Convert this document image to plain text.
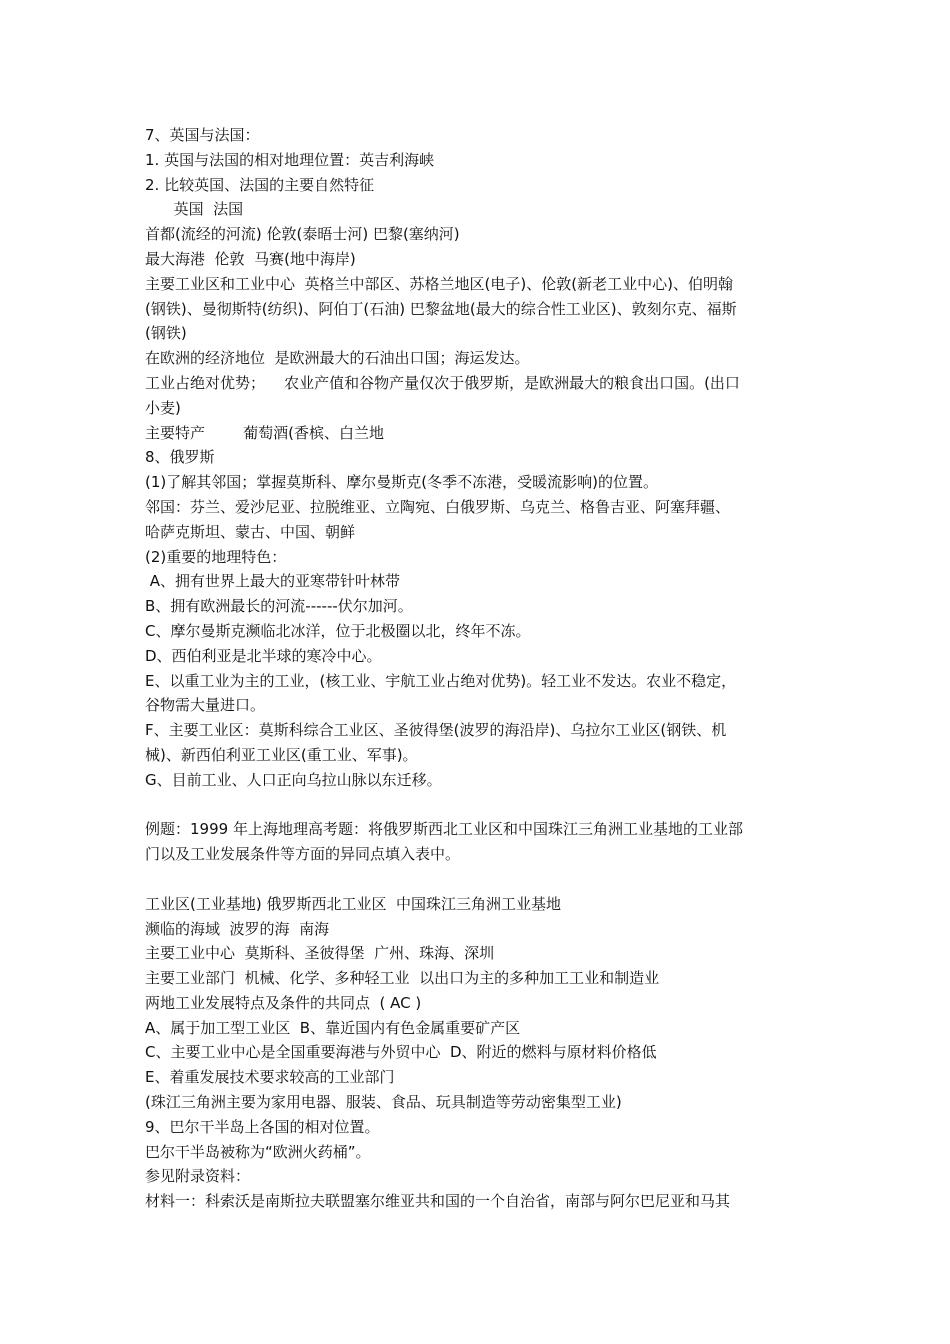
7、英国与法国：

1. 英国与法国的相对地理位置：英吉利海峡

2. 比较英国、法国的主要自然特征

英国  法国

首都(流经的河流) 伦敦(泰晤士河) 巴黎(塞纳河)

最大海港  伦敦  马赛(地中海岸)

主要工业区和工业中心  英格兰中部区、苏格兰地区(电子)、伦敦(新老工业中心)、伯明翰

(钢铁)、曼彻斯特(纺织)、阿伯丁(石油) 巴黎盆地(最大的综合性工业区)、敦刻尔克、福斯

(钢铁)

在欧洲的经济地位  是欧洲最大的石油出口国；海运发达。

工业占绝对优势；    农业产值和谷物产量仅次于俄罗斯，是欧洲最大的粮食出口国。(出口

小麦)

主要特产        葡萄酒(香槟、白兰地

8、俄罗斯

(1)了解其邻国；掌握莫斯科、摩尔曼斯克(冬季不冻港，受暖流影响)的位置。

邻国：芬兰、爱沙尼亚、拉脱维亚、立陶宛、白俄罗斯、乌克兰、格鲁吉亚、阿塞拜疆、

哈萨克斯坦、蒙古、中国、朝鲜

(2)重要的地理特色：

A、拥有世界上最大的亚寒带针叶林带

B、拥有欧洲最长的河流------伏尔加河。

C、摩尔曼斯克濒临北冰洋，位于北极圈以北，终年不冻。

D、西伯利亚是北半球的寒冷中心。

E、以重工业为主的工业，(核工业、宇航工业占绝对优势)。轻工业不发达。农业不稳定，

谷物需大量进口。

F、主要工业区：莫斯科综合工业区、圣彼得堡(波罗的海沿岸)、乌拉尔工业区(钢铁、机

械)、新西伯利亚工业区(重工业、军事)。

G、目前工业、人口正向乌拉山脉以东迁移。

例题：1999 年上海地理高考题：将俄罗斯西北工业区和中国珠江三角洲工业基地的工业部

门以及工业发展条件等方面的异同点填入表中。

工业区(工业基地) 俄罗斯西北工业区  中国珠江三角洲工业基地

濒临的海域  波罗的海  南海

主要工业中心  莫斯科、圣彼得堡  广州、珠海、深圳

主要工业部门  机械、化学、多种轻工业  以出口为主的多种加工工业和制造业

两地工业发展特点及条件的共同点  ( AC )

A、属于加工型工业区  B、靠近国内有色金属重要矿产区

C、主要工业中心是全国重要海港与外贸中心  D、附近的燃料与原材料价格低

E、着重发展技术要求较高的工业部门

(珠江三角洲主要为家用电器、服装、食品、玩具制造等劳动密集型工业)

9、巴尔干半岛上各国的相对位置。

巴尔干半岛被称为“欧洲火药桶”。

参见附录资料：

材料一：科索沃是南斯拉夫联盟塞尔维亚共和国的一个自治省，南部与阿尔巴尼亚和马其
